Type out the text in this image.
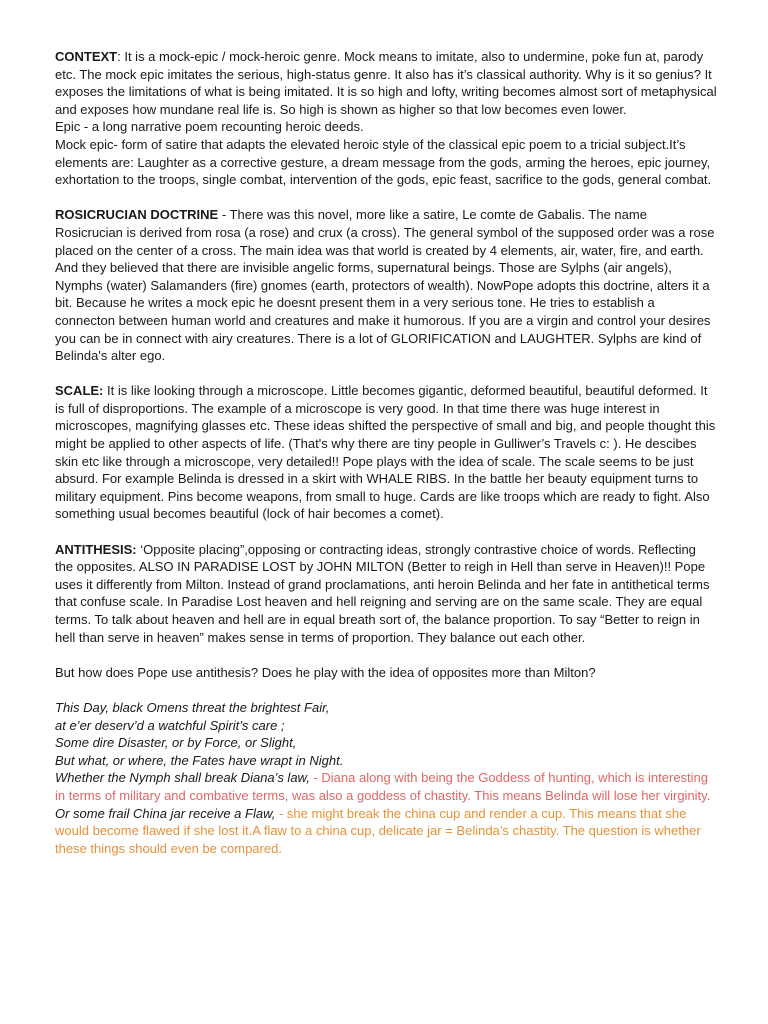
CONTEXT: It is a mock-epic / mock-heroic genre. Mock means to imitate, also to undermine, poke fun at, parody etc. The mock epic imitates the serious, high-status genre. It also has it’s classical authority. Why is it so genius? It exposes the limitations of what is being imitated. It is so high and lofty, writing becomes almost sort of metaphysical and exposes how mundane real life is. So high is shown as higher so that low becomes even lower.

Epic - a long narrative poem recounting heroic deeds.

Mock epic- form of satire that adapts the elevated heroic style of the classical epic poem to a tricial subject.It’s elements are: Laughter as a corrective gesture, a dream message from the gods, arming the heroes, epic journey, exhortation to the troops, single combat, intervention of the gods, epic feast, sacrifice to the gods, general combat.

ROSICRUCIAN DOCTRINE - There was this novel, more like a satire, Le comte de Gabalis. The name Rosicrucian is derived from rosa (a rose) and crux (a cross). The general symbol of the supposed order was a rose placed on the center of a cross. The main idea was that world is created by 4 elements, air, water, fire, and earth. And they believed that there are invisible angelic forms, supernatural beings. Those are Sylphs (air angels), Nymphs (water) Salamanders (fire) gnomes (earth, protectors of wealth). NowPope adopts this doctrine, alters it a bit. Because he writes a mock epic he doesnt present them in a very serious tone. He tries to establish a connecton between human world and creatures and make it humorous. If you are a virgin and control your desires you can be in connect with airy creatures. There is a lot of GLORIFICATION and LAUGHTER. Sylphs are kind of Belinda's alter ego.

SCALE: It is like looking through a microscope. Little becomes gigantic, deformed beautiful, beautiful deformed. It is full of disproportions. The example of a microscope is very good. In that time there was huge interest in microscopes, magnifying glasses etc. These ideas shifted the perspective of small and big, and people thought this might be applied to other aspects of life. (That's why there are tiny people in Gulliwer’s Travels c: ). He descibes skin etc like through a microscope, very detailed!! Pope plays with the idea of scale. The scale seems to be just absurd. For example Belinda is dressed in a skirt with WHALE RIBS. In the battle her beauty equipment turns to military equipment. Pins become weapons, from small to huge. Cards are like troops which are ready to fight. Also something usual becomes beautiful (lock of hair becomes a comet).

ANTITHESIS: ‘Opposite placing”,opposing or contracting ideas, strongly contrastive choice of words. Reflecting the opposites. ALSO IN PARADISE LOST by JOHN MILTON (Better to reigh in Hell than serve in Heaven)!! Pope uses it differently from Milton. Instead of grand proclamations, anti heroin Belinda and her fate in antithetical terms that confuse scale. In Paradise Lost heaven and hell reigning and serving are on the same scale. They are equal terms. To talk about heaven and hell are in equal breath sort of, the balance proportion. To say “Better to reign in hell than serve in heaven” makes sense in terms of proportion. They balance out each other.

But how does Pope use antithesis? Does he play with the idea of opposites more than Milton?

This Day, black Omens threat the brightest Fair,

at e’er deserv’d a watchful Spirit’s care ;

Some dire Disaster, or by Force, or Slight,

But what, or where, the Fates have wrapt in Night.

Whether the Nymph shall break Diana’s law, - Diana along with being the Goddess of hunting, which is interesting in terms of military and combative terms, was also a goddess of chastity. This means Belinda will lose her virginity.

Or some frail China jar receive a Flaw, - she might break the china cup and render a cup. This means that she would become flawed if she lost it.A flaw to a china cup, delicate jar = Belinda’s chastity. The question is whether these things should even be compared.
